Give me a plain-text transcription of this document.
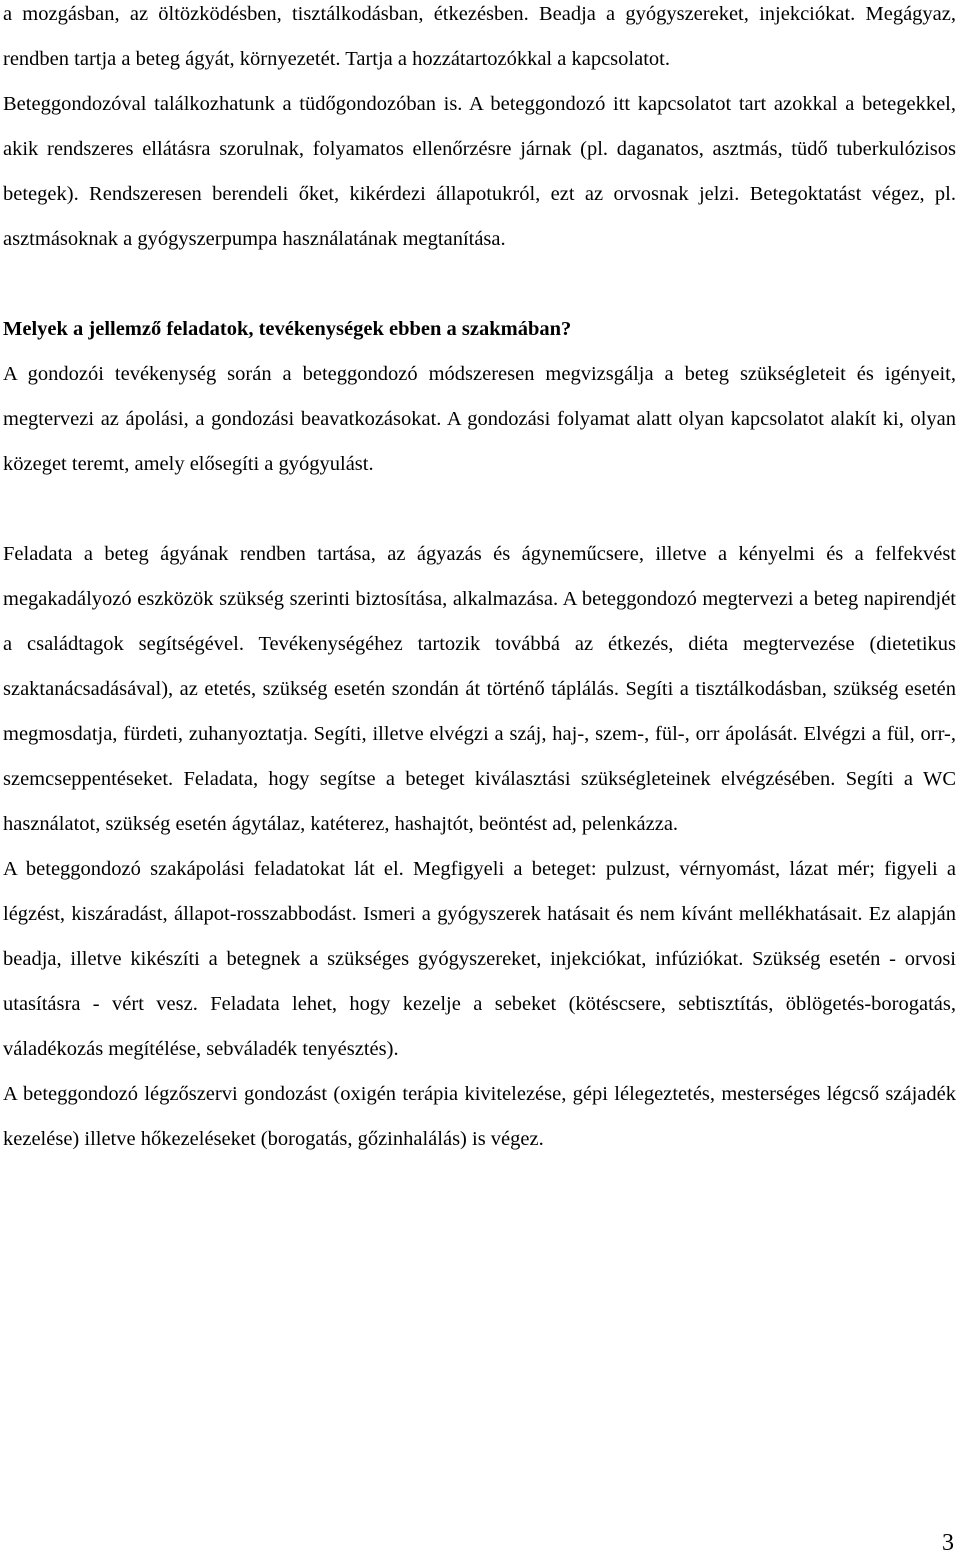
a mozgásban, az öltözködésben, tisztálkodásban, étkezésben. Beadja a gyógyszereket, injekciókat. Megágyaz, rendben tartja a beteg ágyát, környezetét. Tartja a hozzátartozókkal a kapcsolatot.

Beteggondozóval találkozhatunk a tüdőgondozóban is. A beteggondozó itt kapcsolatot tart azokkal a betegekkel, akik rendszeres ellátásra szorulnak, folyamatos ellenőrzésre járnak (pl. daganatos, asztmás, tüdő tuberkulózisos betegek). Rendszeresen berendeli őket, kikérdezi állapotukról, ezt az orvosnak jelzi. Betegoktatást végez, pl. asztmásoknak a gyógyszerpumpa használatának megtanítása.

Melyek a jellemző feladatok, tevékenységek ebben a szakmában?

A gondozói tevékenység során a beteggondozó módszeresen megvizsgálja a beteg szükségleteit és igényeit, megtervezi az ápolási, a gondozási beavatkozásokat. A gondozási folyamat alatt olyan kapcsolatot alakít ki, olyan közeget teremt, amely elősegíti a gyógyulást.

Feladata a beteg ágyának rendben tartása, az ágyazás és ágyneműcsere, illetve a kényelmi és a felfekvést megakadályozó eszközök szükség szerinti biztosítása, alkalmazása. A beteggondozó megtervezi a beteg napirendjét a családtagok segítségével. Tevékenységéhez tartozik továbbá az étkezés, diéta megtervezése (dietetikus szaktanácsadásával), az etetés, szükség esetén szondán át történő táplálás. Segíti a tisztálkodásban, szükség esetén megmosdatja, fürdeti, zuhanyoztatja. Segíti, illetve elvégzi a száj, haj-, szem-, fül-, orr ápolását. Elvégzi a fül, orr-, szemcseppentéseket. Feladata, hogy segítse a beteget kiválasztási szükségleteinek elvégzésében. Segíti a WC használatot, szükség esetén ágytálaz, katéterez, hashajtót, beöntést ad, pelenkázza.

A beteggondozó szakápolási feladatokat lát el. Megfigyeli a beteget: pulzust, vérnyomást, lázat mér; figyeli a légzést, kiszáradást, állapot-rosszabbodást. Ismeri a gyógyszerek hatásait és nem kívánt mellékhatásait. Ez alapján beadja, illetve kikészíti a betegnek a szükséges gyógyszereket, injekciókat, infúziókat. Szükség esetén - orvosi utasításra - vért vesz. Feladata lehet, hogy kezelje a sebeket (kötéscsere, sebtisztítás, öblögetés-borogatás, váladékozás megítélése, sebváladék tenyésztés).

A beteggondozó légzőszervi gondozást (oxigén terápia kivitelezése, gépi lélegeztetés, mesterséges légcső szájadék kezelése) illetve hőkezeléseket (borogatás, gőzinhalálás) is végez.

3
